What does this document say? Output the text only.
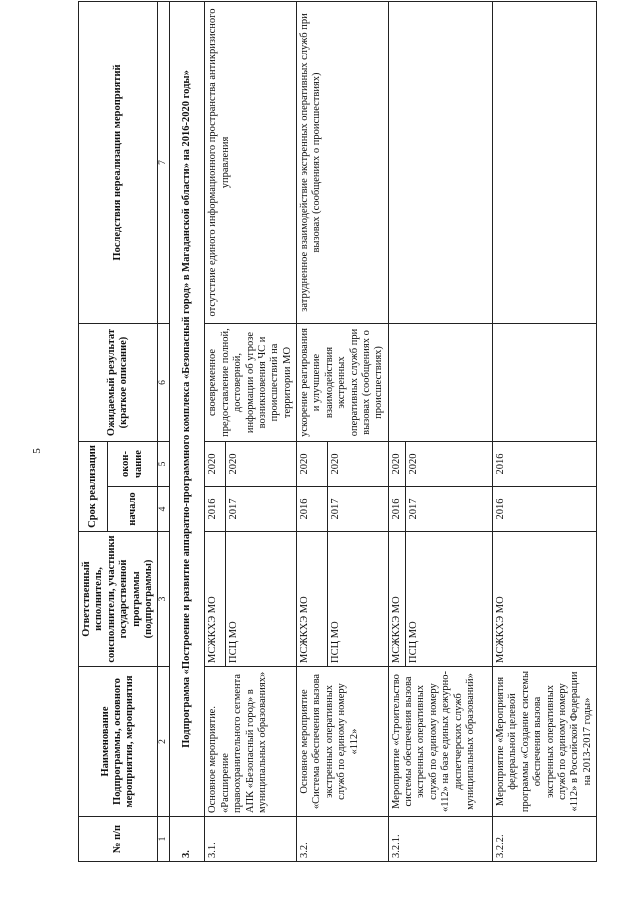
5
№ п/п	Наименование Подпрограммы, основного мероприятия, мероприятия	Ответственный исполнитель, соисполнители, участники государственной программы (подпрограммы)	Срок реализации		Ожидаемый результат (краткое описание)	Последствия нереализации мероприятий
			начало	окон-чание		
1	2	3	4	5	6	7
3.	Подпрограмма «Построение и развитие аппаратно-программного комплекса «Безопасный город» в Магаданской области» на 2016-2020 годы»					
3.1.	Основное мероприятие. «Расширение правоохранительного сегмента АПК «Безопасный город» в муниципальных образованиях»	МСЖКХЭ МО	2016	2020	своевременное предоставление полной, достоверной, информации об угрозе возникновения ЧС и происшествий на территории МО	отсутствие единого информационного пространства антикризисного управления
		ПСЦ МО	2017	2020		
3.2.	Основное мероприятие «Система обеспечения вызова экстренных оперативных служб по единому номеру «112»	МСЖКХЭ МО	2016	2020	ускорение реагирования и улучшение взаимодействия экстренных оперативных служб при вызовах (сообщениях о происшествиях)	затрудненное взаимодействие экстренных оперативных служб при вызовах (сообщениях о происшествиях)
		ПСЦ МО	2017	2020		
3.2.1.	Мероприятие «Строительство системы обеспечения вызова экстренных оперативных служб по единому номеру «112» на базе единых дежурно-диспетчерских служб муниципальных образований»	МСЖКХЭ МО	2016	2020		
		ПСЦ МО	2017	2020		
3.2.2.	Мероприятие «Мероприятия федеральной целевой программы «Создание системы обеспечения вызова экстренных оперативных служб по единому номеру «112» в Российской Федерации на 2013-2017 годы»	МСЖКХЭ МО	2016	2016		
